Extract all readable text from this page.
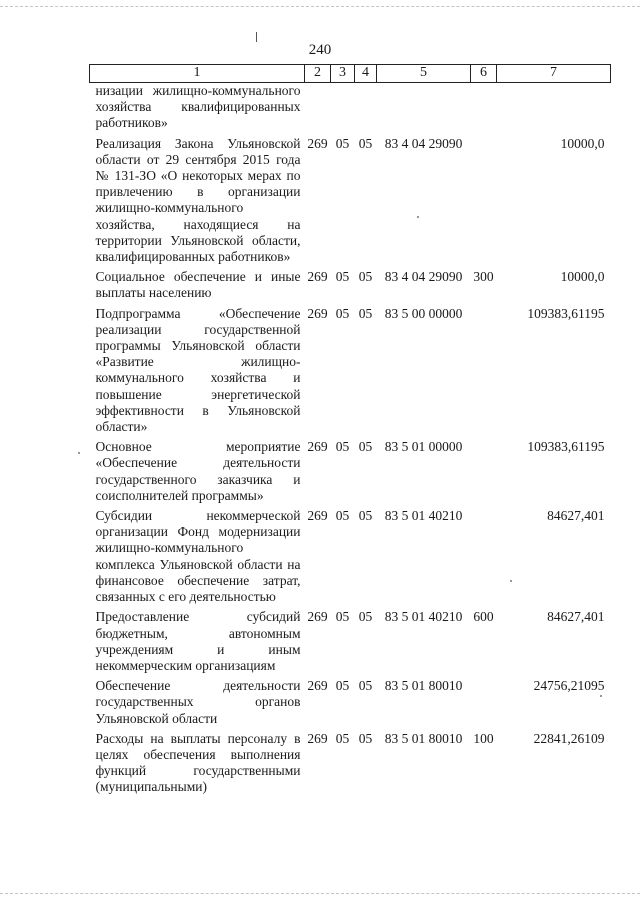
240
1	2	3	4	5	6	7
низации жилищно-коммунального хозяйства квалифицированных работников»						
Реализация Закона Ульяновской области от 29 сентября 2015 года № 131-ЗО «О некоторых мерах по привлечению в организации жилищно-коммунального хозяйства, находящиеся на территории Ульяновской области, квалифицированных работников»	269	05	05	83 4 04 29090		10000,0
Социальное обеспечение и иные выплаты населению	269	05	05	83 4 04 29090	300	10000,0
Подпрограмма «Обеспечение реализации государственной программы Ульяновской области «Развитие жилищно-коммунального хозяйства и повышение энергетической эффективности в Ульяновской области»	269	05	05	83 5 00 00000		109383,61195
Основное мероприятие «Обеспечение деятельности государственного заказчика и соисполнителей программы»	269	05	05	83 5 01 00000		109383,61195
Субсидии некоммерческой организации Фонд модернизации жилищно-коммунального комплекса Ульяновской области на финансовое обеспечение затрат, связанных с его деятельностью	269	05	05	83 5 01 40210		84627,401
Предоставление субсидий бюджетным, автономным учреждениям и иным некоммерческим организациям	269	05	05	83 5 01 40210	600	84627,401
Обеспечение деятельности государственных органов Ульяновской области	269	05	05	83 5 01 80010		24756,21095
Расходы на выплаты персоналу в целях обеспечения выполнения функций государственными (муниципальными)	269	05	05	83 5 01 80010	100	22841,26109
